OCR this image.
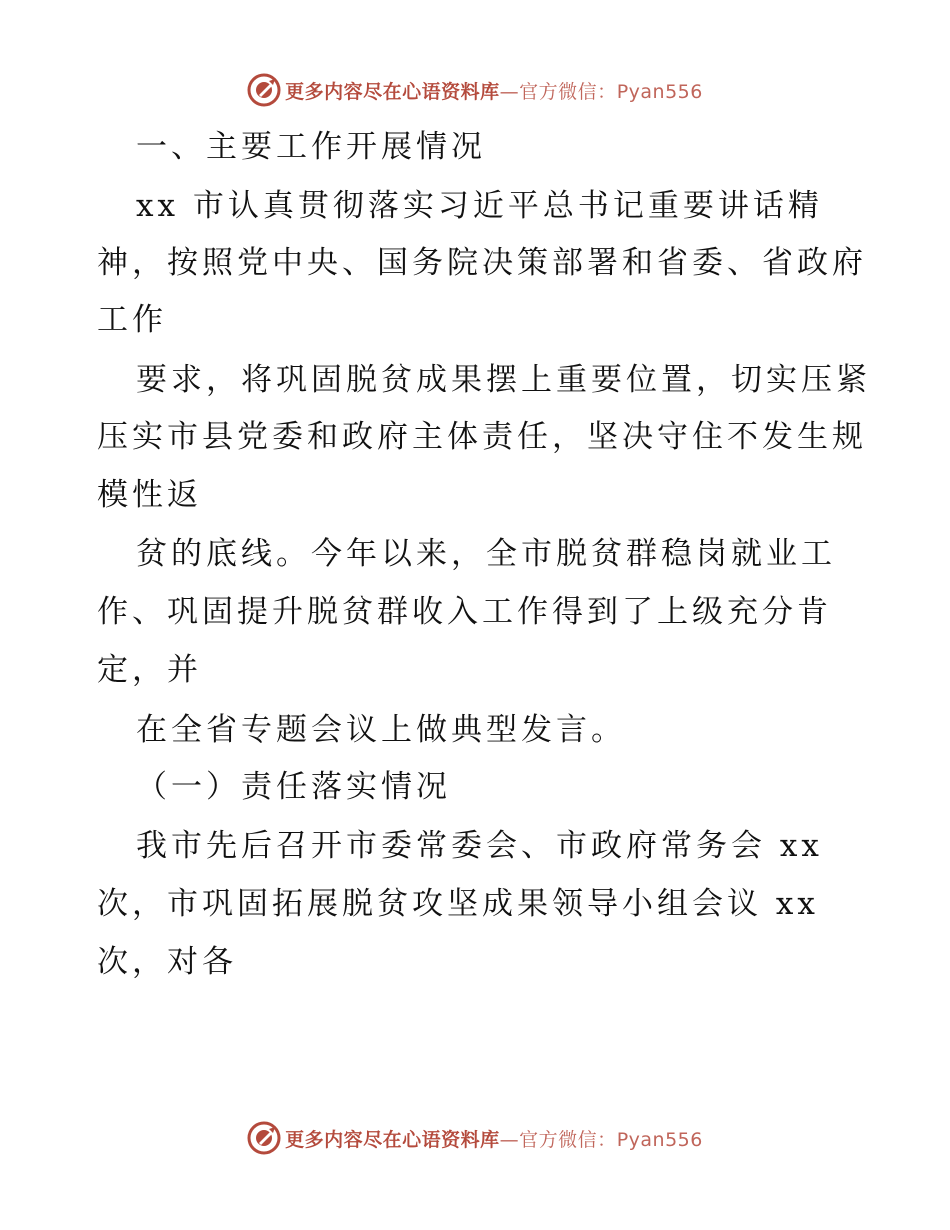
更多内容尽在心语资料库—官方微信：Pyan556
一、主要工作开展情况
xx 市认真贯彻落实习近平总书记重要讲话精
神，按照党中央、国务院决策部署和省委、省政府
工作
要求，将巩固脱贫成果摆上重要位置，切实压紧
压实市县党委和政府主体责任，坚决守住不发生规
模性返
贫的底线。今年以来，全市脱贫群稳岗就业工
作、巩固提升脱贫群收入工作得到了上级充分肯
定，并
在全省专题会议上做典型发言。
（一）责任落实情况
我市先后召开市委常委会、市政府常务会 xx
次，市巩固拓展脱贫攻坚成果领导小组会议 xx
次，对各
更多内容尽在心语资料库—官方微信：Pyan556
